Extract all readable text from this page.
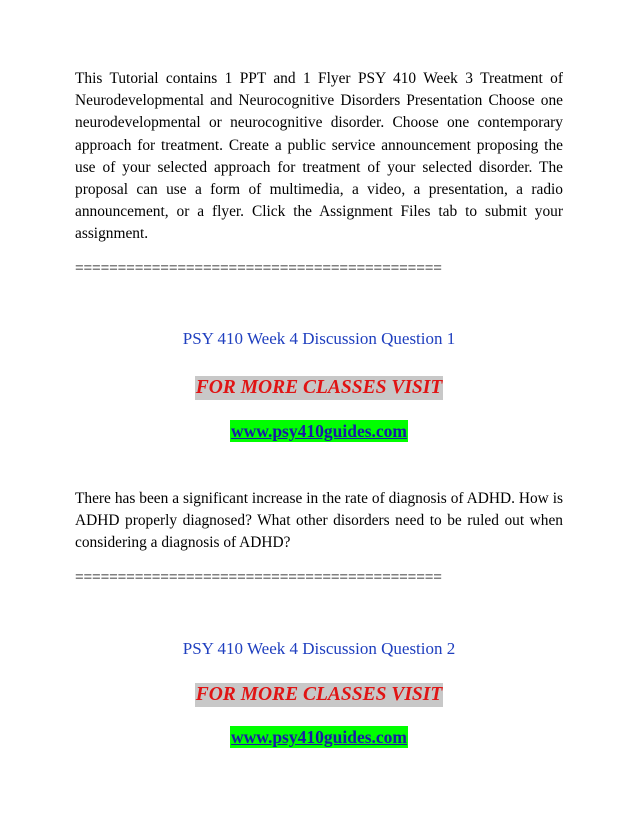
This Tutorial contains 1 PPT and 1 Flyer PSY 410 Week 3 Treatment of Neurodevelopmental and Neurocognitive Disorders Presentation Choose one neurodevelopmental or neurocognitive disorder. Choose one contemporary approach for treatment. Create a public service announcement proposing the use of your selected approach for treatment of your selected disorder. The proposal can use a form of multimedia, a video, a presentation, a radio announcement, or a flyer. Click the Assignment Files tab to submit your assignment.

===========================================

PSY 410 Week 4 Discussion Question 1

FOR MORE CLASSES VISIT

www.psy410guides.com

There has been a significant increase in the rate of diagnosis of ADHD. How is ADHD properly diagnosed? What other disorders need to be ruled out when considering a diagnosis of ADHD?

===========================================

PSY 410 Week 4 Discussion Question 2

FOR MORE CLASSES VISIT

www.psy410guides.com
